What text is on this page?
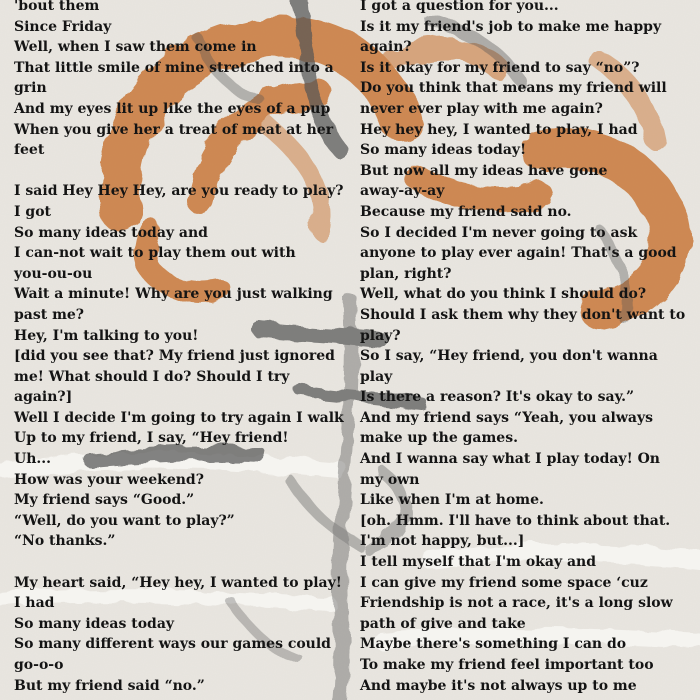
'bout them
Since Friday
Well, when I saw them come in
That little smile of mine stretched into a
grin
And my eyes lit up like the eyes of a pup
When you give her a treat of meat at her
feet
I said Hey Hey Hey, are you ready to play?
I got
So many ideas today and
I can-not wait to play them out with
you-ou-ou
Wait a minute! Why are you just walking
past me?
Hey, I'm talking to you!
[did you see that? My friend just ignored
me! What should I do? Should I try
again?]
Well I decide I'm going to try again I walk
Up to my friend, I say, “Hey friend!
Uh...
How was your weekend?
My friend says “Good.”
“Well, do you want to play?”
“No thanks.”
My heart said, “Hey hey, I wanted to play!
I had
So many ideas today
So many different ways our games could
go-o-o
But my friend said “no.”
I got a question for you...
Is it my friend's job to make me happy
again?
Is it okay for my friend to say “no”?
Do you think that means my friend will
never ever play with me again?
Hey hey hey, I wanted to play, I had
So many ideas today!
But now all my ideas have gone
away-ay-ay
Because my friend said no.
So I decided I'm never going to ask
anyone to play ever again! That's a good
plan, right?
Well, what do you think I should do?
Should I ask them why they don't want to
play?
So I say, “Hey friend, you don't wanna
play
Is there a reason? It's okay to say.”
And my friend says “Yeah, you always
make up the games.
And I wanna say what I play today! On
my own
Like when I'm at home.
[oh. Hmm. I'll have to think about that.
I'm not happy, but...]
I tell myself that I'm okay and
I can give my friend some space ‘cuz
Friendship is not a race, it's a long slow
path of give and take
Maybe there's something I can do
To make my friend feel important too
And maybe it's not always up to me
